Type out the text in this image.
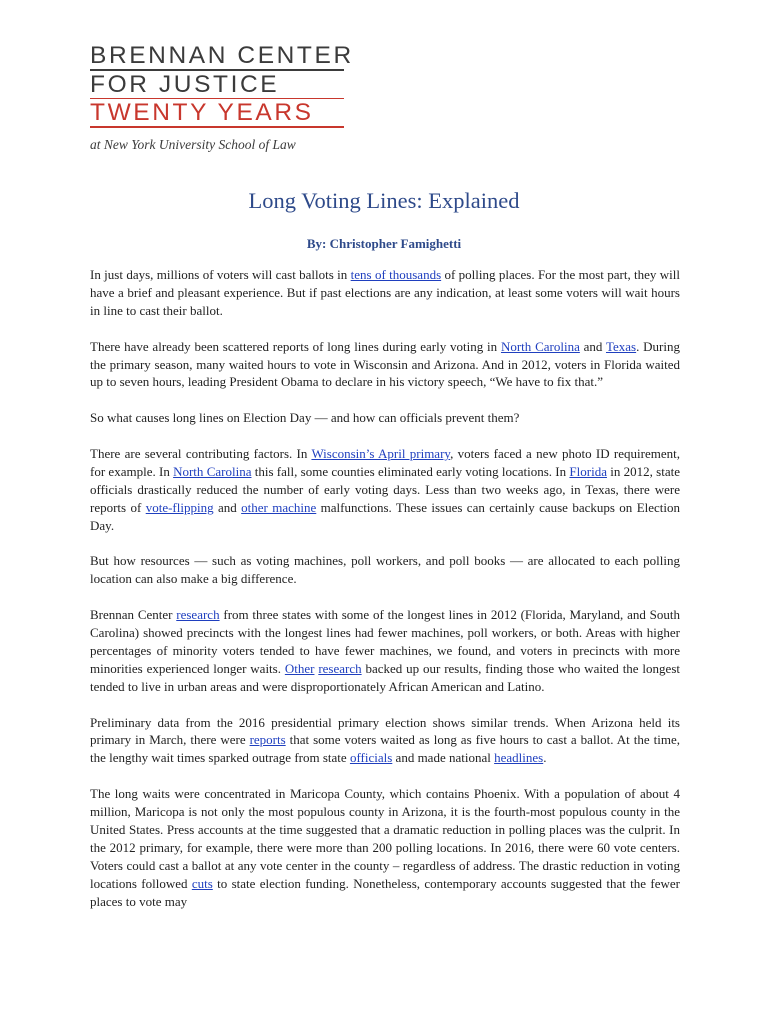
BRENNAN CENTER
FOR JUSTICE
TWENTY YEARS
at New York University School of Law
Long Voting Lines: Explained
By: Christopher Famighetti

In just days, millions of voters will cast ballots in tens of thousands of polling places. For the most part, they will have a brief and pleasant experience. But if past elections are any indication, at least some voters will wait hours in line to cast their ballot.

There have already been scattered reports of long lines during early voting in North Carolina and Texas. During the primary season, many waited hours to vote in Wisconsin and Arizona. And in 2012, voters in Florida waited up to seven hours, leading President Obama to declare in his victory speech, “We have to fix that.”

So what causes long lines on Election Day — and how can officials prevent them?

There are several contributing factors. In Wisconsin’s April primary, voters faced a new photo ID requirement, for example. In North Carolina this fall, some counties eliminated early voting locations. In Florida in 2012, state officials drastically reduced the number of early voting days. Less than two weeks ago, in Texas, there were reports of vote-flipping and other machine malfunctions. These issues can certainly cause backups on Election Day.

But how resources — such as voting machines, poll workers, and poll books — are allocated to each polling location can also make a big difference.

Brennan Center research from three states with some of the longest lines in 2012 (Florida, Maryland, and South Carolina) showed precincts with the longest lines had fewer machines, poll workers, or both. Areas with higher percentages of minority voters tended to have fewer machines, we found, and voters in precincts with more minorities experienced longer waits. Other research backed up our results, finding those who waited the longest tended to live in urban areas and were disproportionately African American and Latino.

Preliminary data from the 2016 presidential primary election shows similar trends. When Arizona held its primary in March, there were reports that some voters waited as long as five hours to cast a ballot. At the time, the lengthy wait times sparked outrage from state officials and made national headlines.

The long waits were concentrated in Maricopa County, which contains Phoenix. With a population of about 4 million, Maricopa is not only the most populous county in Arizona, it is the fourth-most populous county in the United States. Press accounts at the time suggested that a dramatic reduction in polling places was the culprit. In the 2012 primary, for example, there were more than 200 polling locations. In 2016, there were 60 vote centers. Voters could cast a ballot at any vote center in the county – regardless of address. The drastic reduction in voting locations followed cuts to state election funding. Nonetheless, contemporary accounts suggested that the fewer places to vote may
